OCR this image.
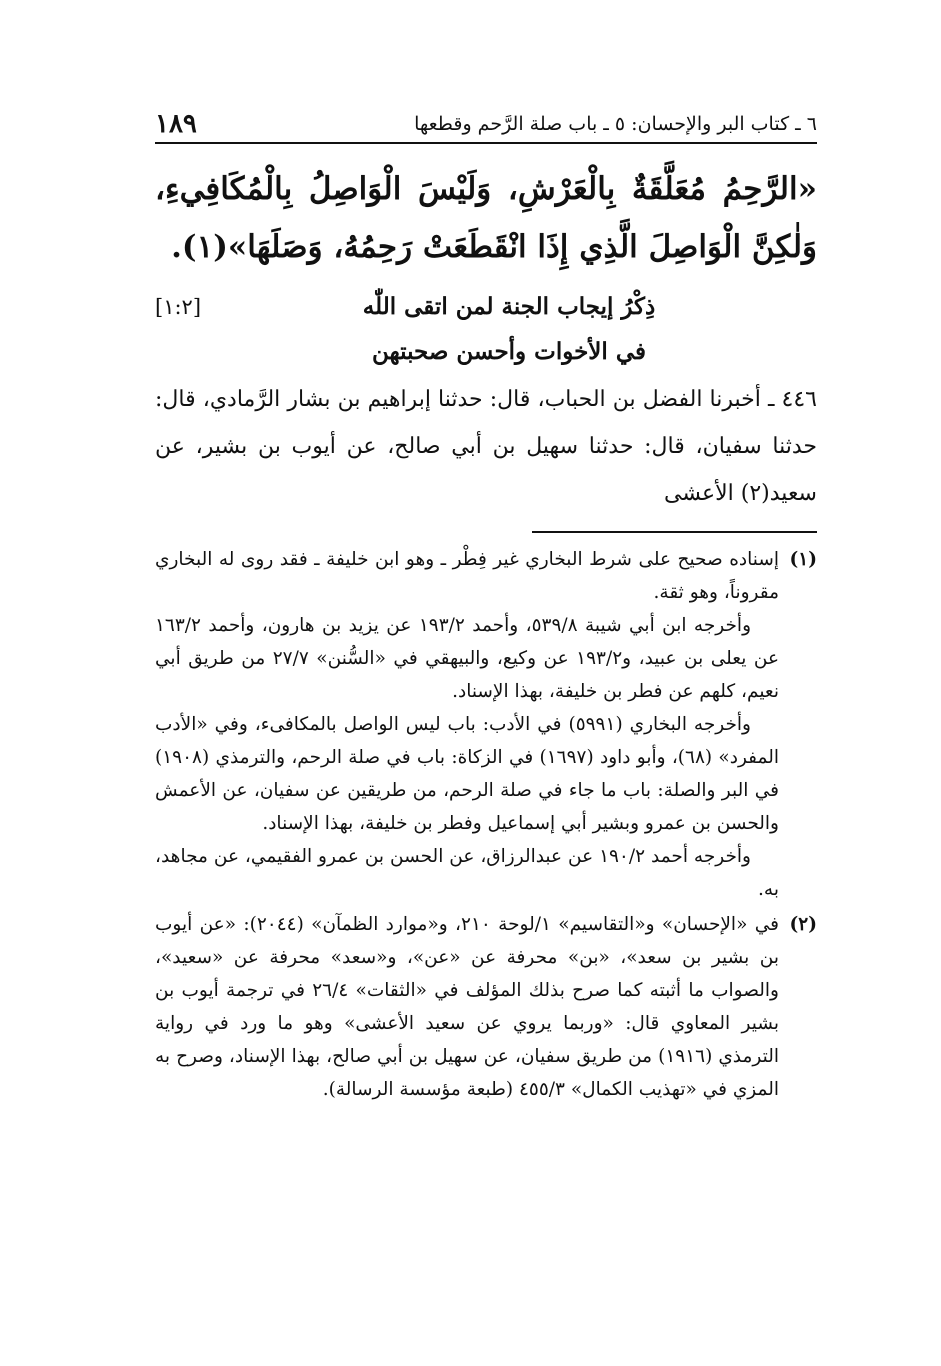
٦ ـ كتاب البر والإحسان: ٥ ـ باب صلة الرَّحم وقطعها
١٨٩
«الرَّحِمُ مُعَلَّقَةٌ بِالْعَرْشِ، وَلَيْسَ الْوَاصِلُ بِالْمُكَافِيءِ، وَلٰكِنَّ الْوَاصِلَ الَّذِي إِذَا انْقَطَعَتْ رَحِمُهُ، وَصَلَهَا»(١).
[١:٢]	ذِكْرُ إيجاب الجنة لمن اتقى اللّٰه
في الأخوات وأحسن صحبتهن
٤٤٦ ـ أخبرنا الفضل بن الحباب، قال: حدثنا إبراهيم بن بشار الرَّمادي، قال: حدثنا سفيان، قال: حدثنا سهيل بن أبي صالح، عن أيوب بن بشير، عن سعيد(٢) الأعشى
(١)

إسناده صحيح على شرط البخاري غير فِطْر ـ وهو ابن خليفة ـ فقد روى له البخاري مقروناً، وهو ثقة.

وأخرجه ابن أبي شيبة ٥٣٩/٨، وأحمد ١٩٣/٢ عن يزيد بن هارون، وأحمد ١٦٣/٢ عن يعلى بن عبيد، و١٩٣/٢ عن وكيع، والبيهقي في «السُّنن» ٢٧/٧ من طريق أبي نعيم، كلهم عن فطر بن خليفة، بهذا الإسناد.

وأخرجه البخاري (٥٩٩١) في الأدب: باب ليس الواصل بالمكافىء، وفي «الأدب المفرد» (٦٨)، وأبو داود (١٦٩٧) في الزكاة: باب في صلة الرحم، والترمذي (١٩٠٨) في البر والصلة: باب ما جاء في صلة الرحم، من طريقين عن سفيان، عن الأعمش والحسن بن عمرو وبشير أبي إسماعيل وفطر بن خليفة، بهذا الإسناد.

وأخرجه أحمد ١٩٠/٢ عن عبدالرزاق، عن الحسن بن عمرو الفقيمي، عن مجاهد، به.

(٢)

في «الإحسان» و«التقاسيم» ١/لوحة ٢١٠، و«موارد الظمآن» (٢٠٤٤): «عن أيوب بن بشير بن سعد»، «بن» محرفة عن «عن»، و«سعد» محرفة عن «سعيد»، والصواب ما أثبته كما صرح بذلك المؤلف في «الثقات» ٢٦/٤ في ترجمة أيوب بن بشير المعاوي قال: «وربما يروي عن سعيد الأعشى» وهو ما ورد في رواية الترمذي (١٩١٦) من طريق سفيان، عن سهيل بن أبي صالح، بهذا الإسناد، وصرح به المزي في «تهذيب الكمال» ٤٥٥/٣ (طبعة مؤسسة الرسالة).
